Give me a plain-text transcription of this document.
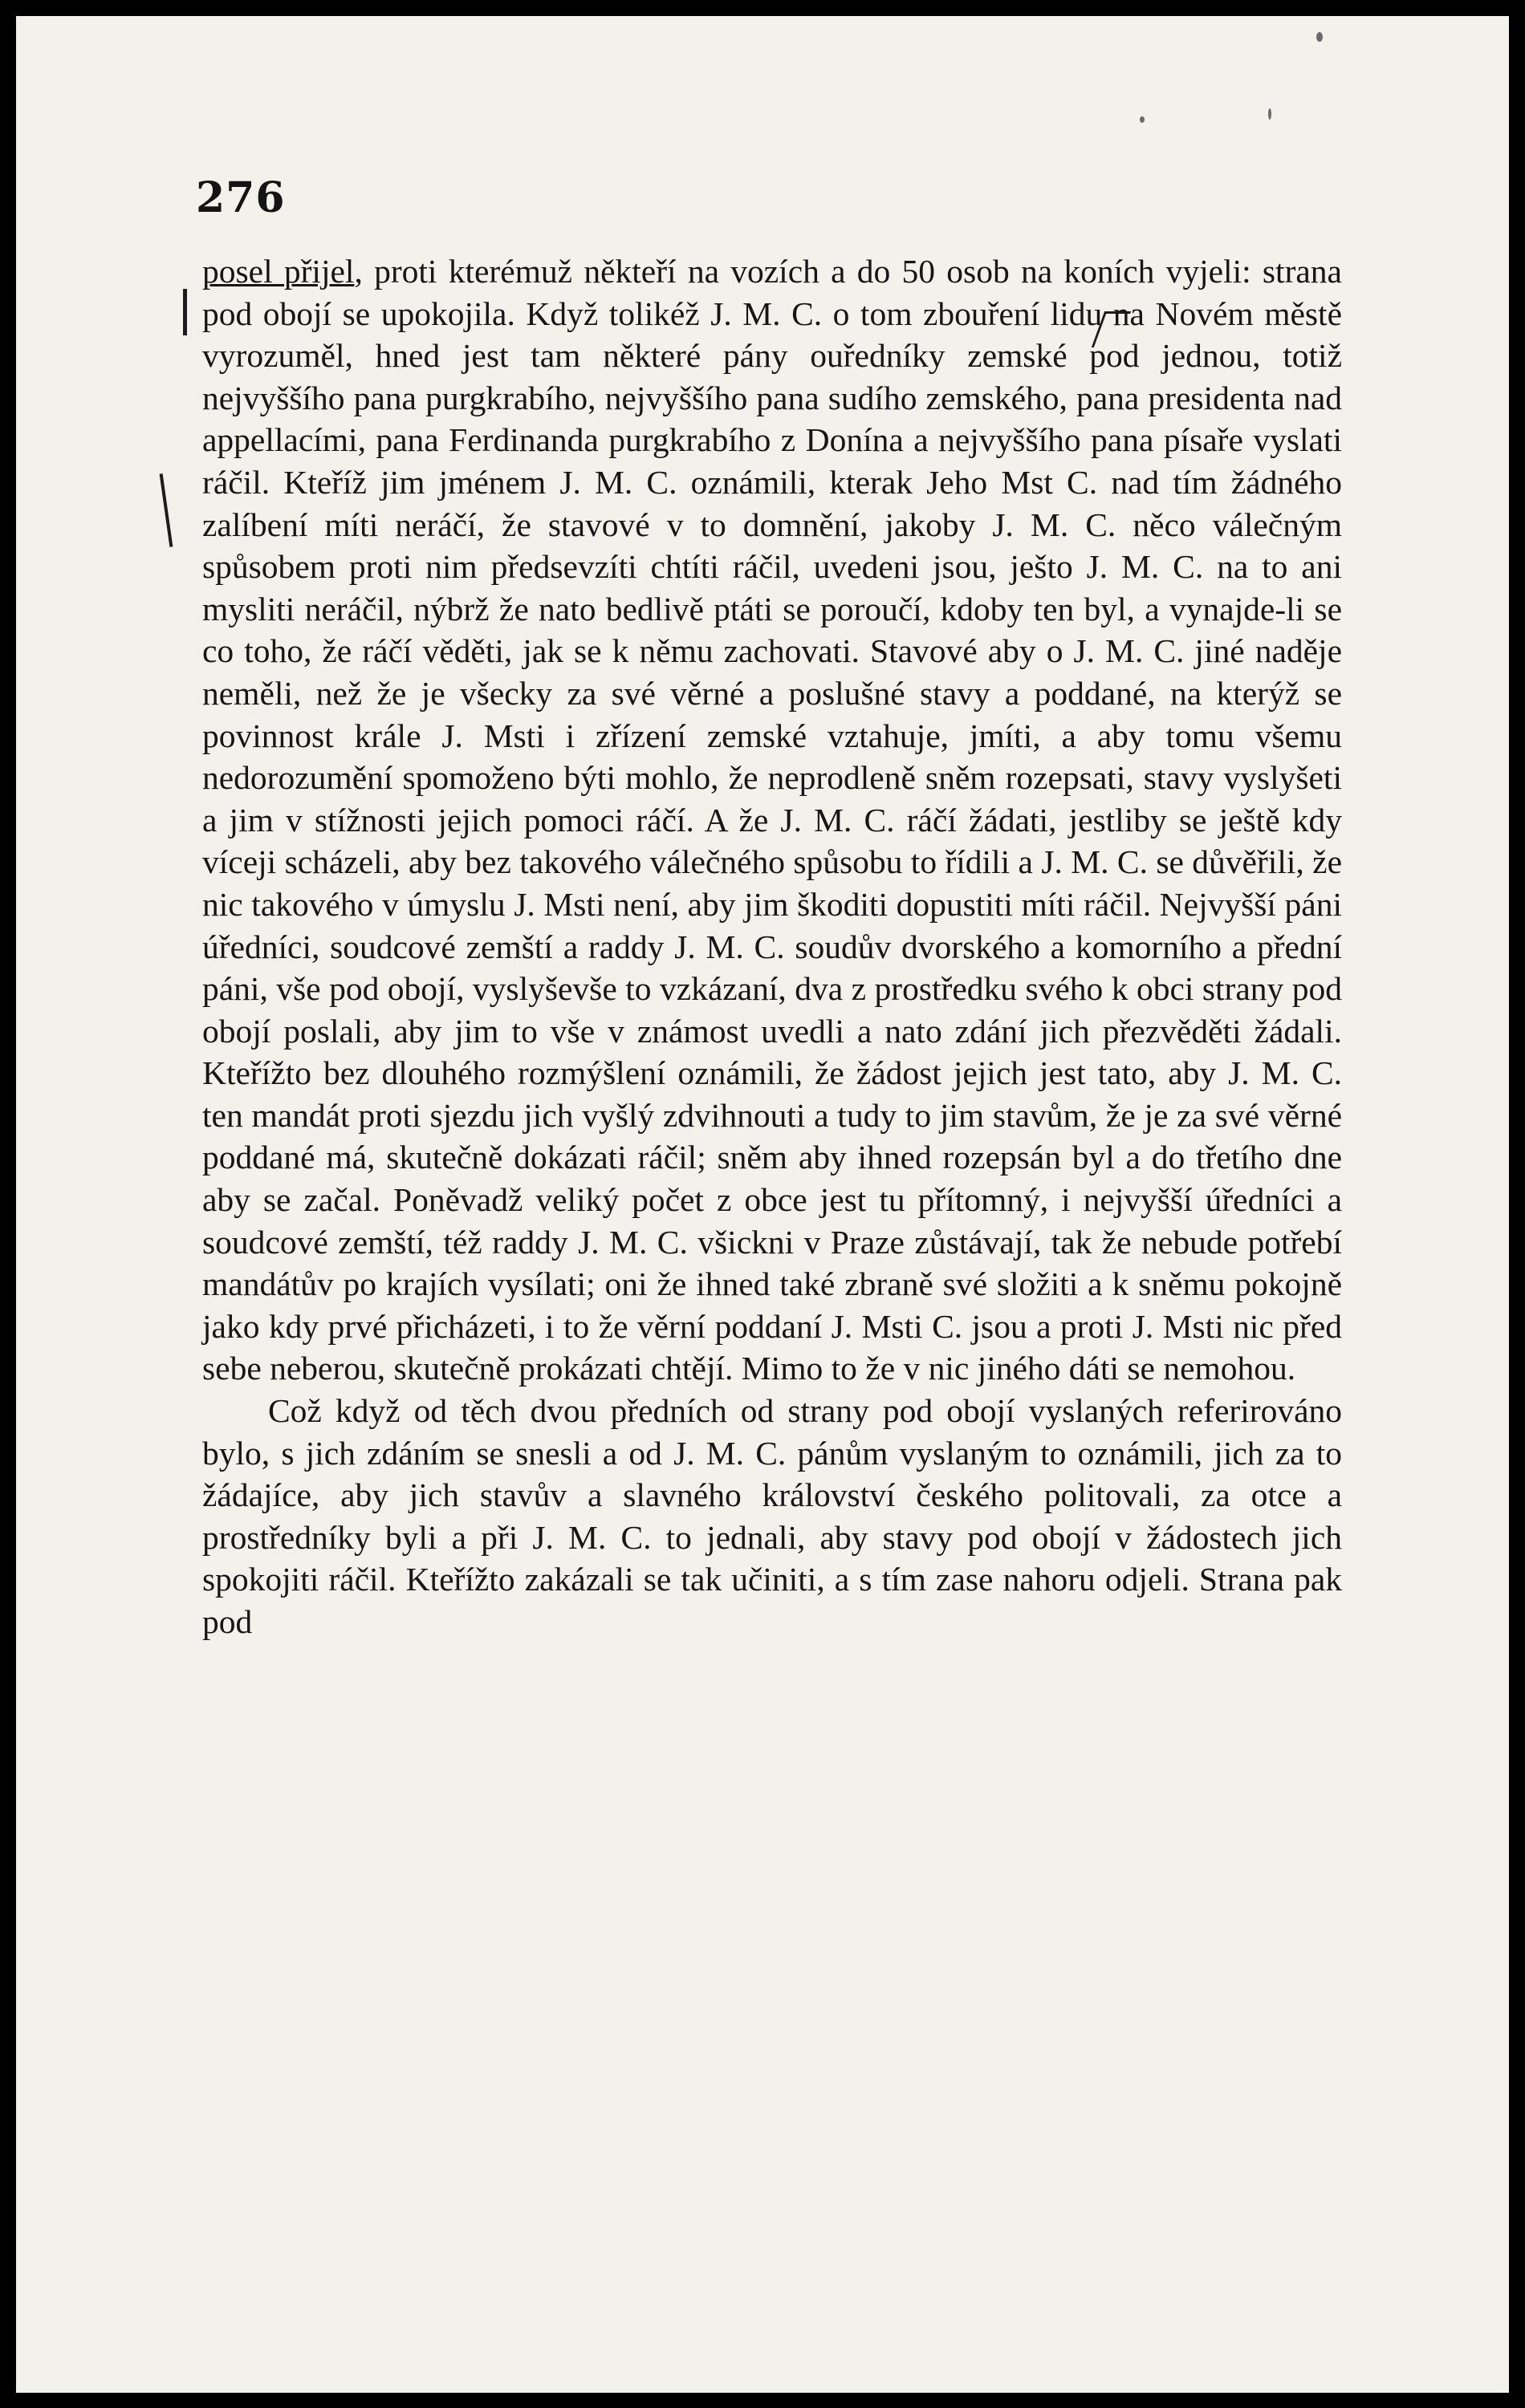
276

posel přijel, proti kterémuž někteří na vozích a do 50 osob na koních vyjeli: strana pod obojí se upokojila. Když tolikéž J. M. C. o tom zbouření lidu na Novém městě vyrozuměl, hned jest tam některé pány ouředníky zemské pod jednou, totiž nejvyššího pana purgkrabího, nejvyššího pana sudího zemského, pana presidenta nad appellacími, pana Ferdinanda purgkrabího z Donína a nejvyššího pana písaře vyslati ráčil. Kteříž jim jménem J. M. C. oznámili, kterak Jeho Mst C. nad tím žádného zalíbení míti neráčí, že stavové v to domnění, jakoby J. M. C. něco válečným spůsobem proti nim předsevzíti chtíti ráčil, uvedeni jsou, ješto J. M. C. na to ani mysliti neráčil, nýbrž že nato bedlivě ptáti se poroučí, kdoby ten byl, a vynajde-li se co toho, že ráčí věděti, jak se k němu zachovati. Stavové aby o J. M. C. jiné naděje neměli, než že je všecky za své věrné a poslušné stavy a poddané, na kterýž se povinnost krále J. Msti i zřízení zemské vztahuje, jmíti, a aby tomu všemu nedorozumění spomoženo býti mohlo, že neprodleně sněm rozepsati, stavy vyslyšeti a jim v stížnosti jejich pomoci ráčí. A že J. M. C. ráčí žádati, jestliby se ještě kdy víceji scházeli, aby bez takového válečného spůsobu to řídili a J. M. C. se důvěřili, že nic takového v úmyslu J. Msti není, aby jim škoditi dopustiti míti ráčil. Nejvyšší páni úředníci, soudcové zemští a raddy J. M. C. soudův dvorského a komorního a přední páni, vše pod obojí, vyslyševše to vzkázaní, dva z prostředku svého k obci strany pod obojí poslali, aby jim to vše v známost uvedli a nato zdání jich přezvěděti žádali. Kteřížto bez dlouhého rozmýšlení oznámili, že žádost jejich jest tato, aby J. M. C. ten mandát proti sjezdu jich vyšlý zdvihnouti a tudy to jim stavům, že je za své věrné poddané má, skutečně dokázati ráčil; sněm aby ihned rozepsán byl a do třetího dne aby se začal. Poněvadž veliký počet z obce jest tu přítomný, i nejvyšší úředníci a soudcové zemští, též raddy J. M. C. všickni v Praze zůstávají, tak že nebude potřebí mandátův po krajích vysílati; oni že ihned také zbraně své složiti a k sněmu pokojně jako kdy prvé přicházeti, i to že věrní poddaní J. Msti C. jsou a proti J. Msti nic před sebe neberou, skutečně prokázati chtějí. Mimo to že v nic jiného dáti se nemohou.

Což když od těch dvou předních od strany pod obojí vyslaných referirováno bylo, s jich zdáním se snesli a od J. M. C. pánům vyslaným to oznámili, jich za to žádajíce, aby jich stavův a slavného království českého politovali, za otce a prostředníky byli a při J. M. C. to jednali, aby stavy pod obojí v žádostech jich spokojiti ráčil. Kteřížto zakázali se tak učiniti, a s tím zase nahoru odjeli. Strana pak pod
